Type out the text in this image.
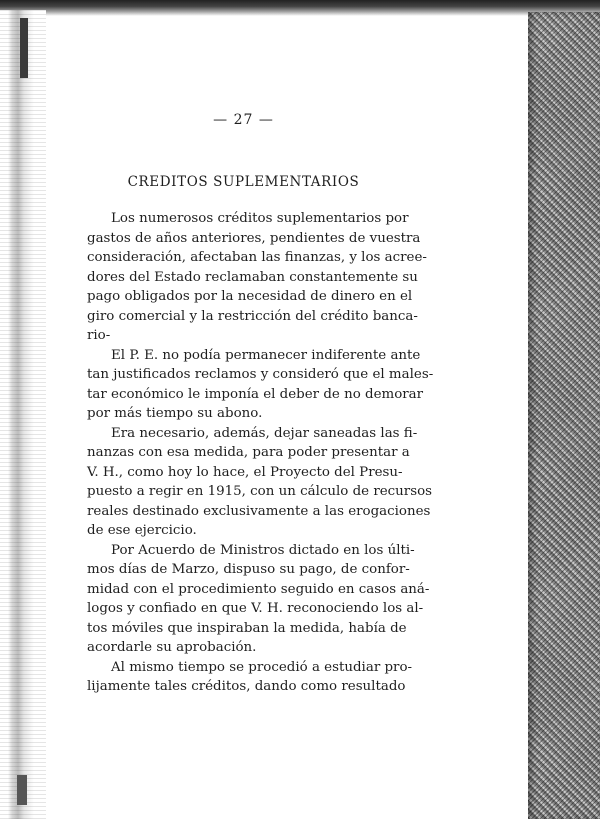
— 27 —
CREDITOS SUPLEMENTARIOS
Los numerosos créditos suplementarios por
gastos de años anteriores, pendientes de vuestra
consideración, afectaban las finanzas, y los acree-
dores del Estado reclamaban constantemente su
pago obligados por la necesidad de dinero en el
giro comercial y la restricción del crédito banca-
rio-
El P. E. no podía permanecer indiferente ante
tan justificados reclamos y consideró que el males-
tar económico le imponía el deber de no demorar
por más tiempo su abono.
Era necesario, además, dejar saneadas las fi-
nanzas con esa medida, para poder presentar a
V. H., como hoy lo hace, el Proyecto del Presu-
puesto a regir en 1915, con un cálculo de recursos
reales destinado exclusivamente a las erogaciones
de ese ejercicio.
Por Acuerdo de Ministros dictado en los últi-
mos días de Marzo, dispuso su pago, de confor-
midad con el procedimiento seguido en casos aná-
logos y confiado en que V. H. reconociendo los al-
tos móviles que inspiraban la medida, había de
acordarle su aprobación.
Al mismo tiempo se procedió a estudiar pro-
lijamente tales créditos, dando como resultado
